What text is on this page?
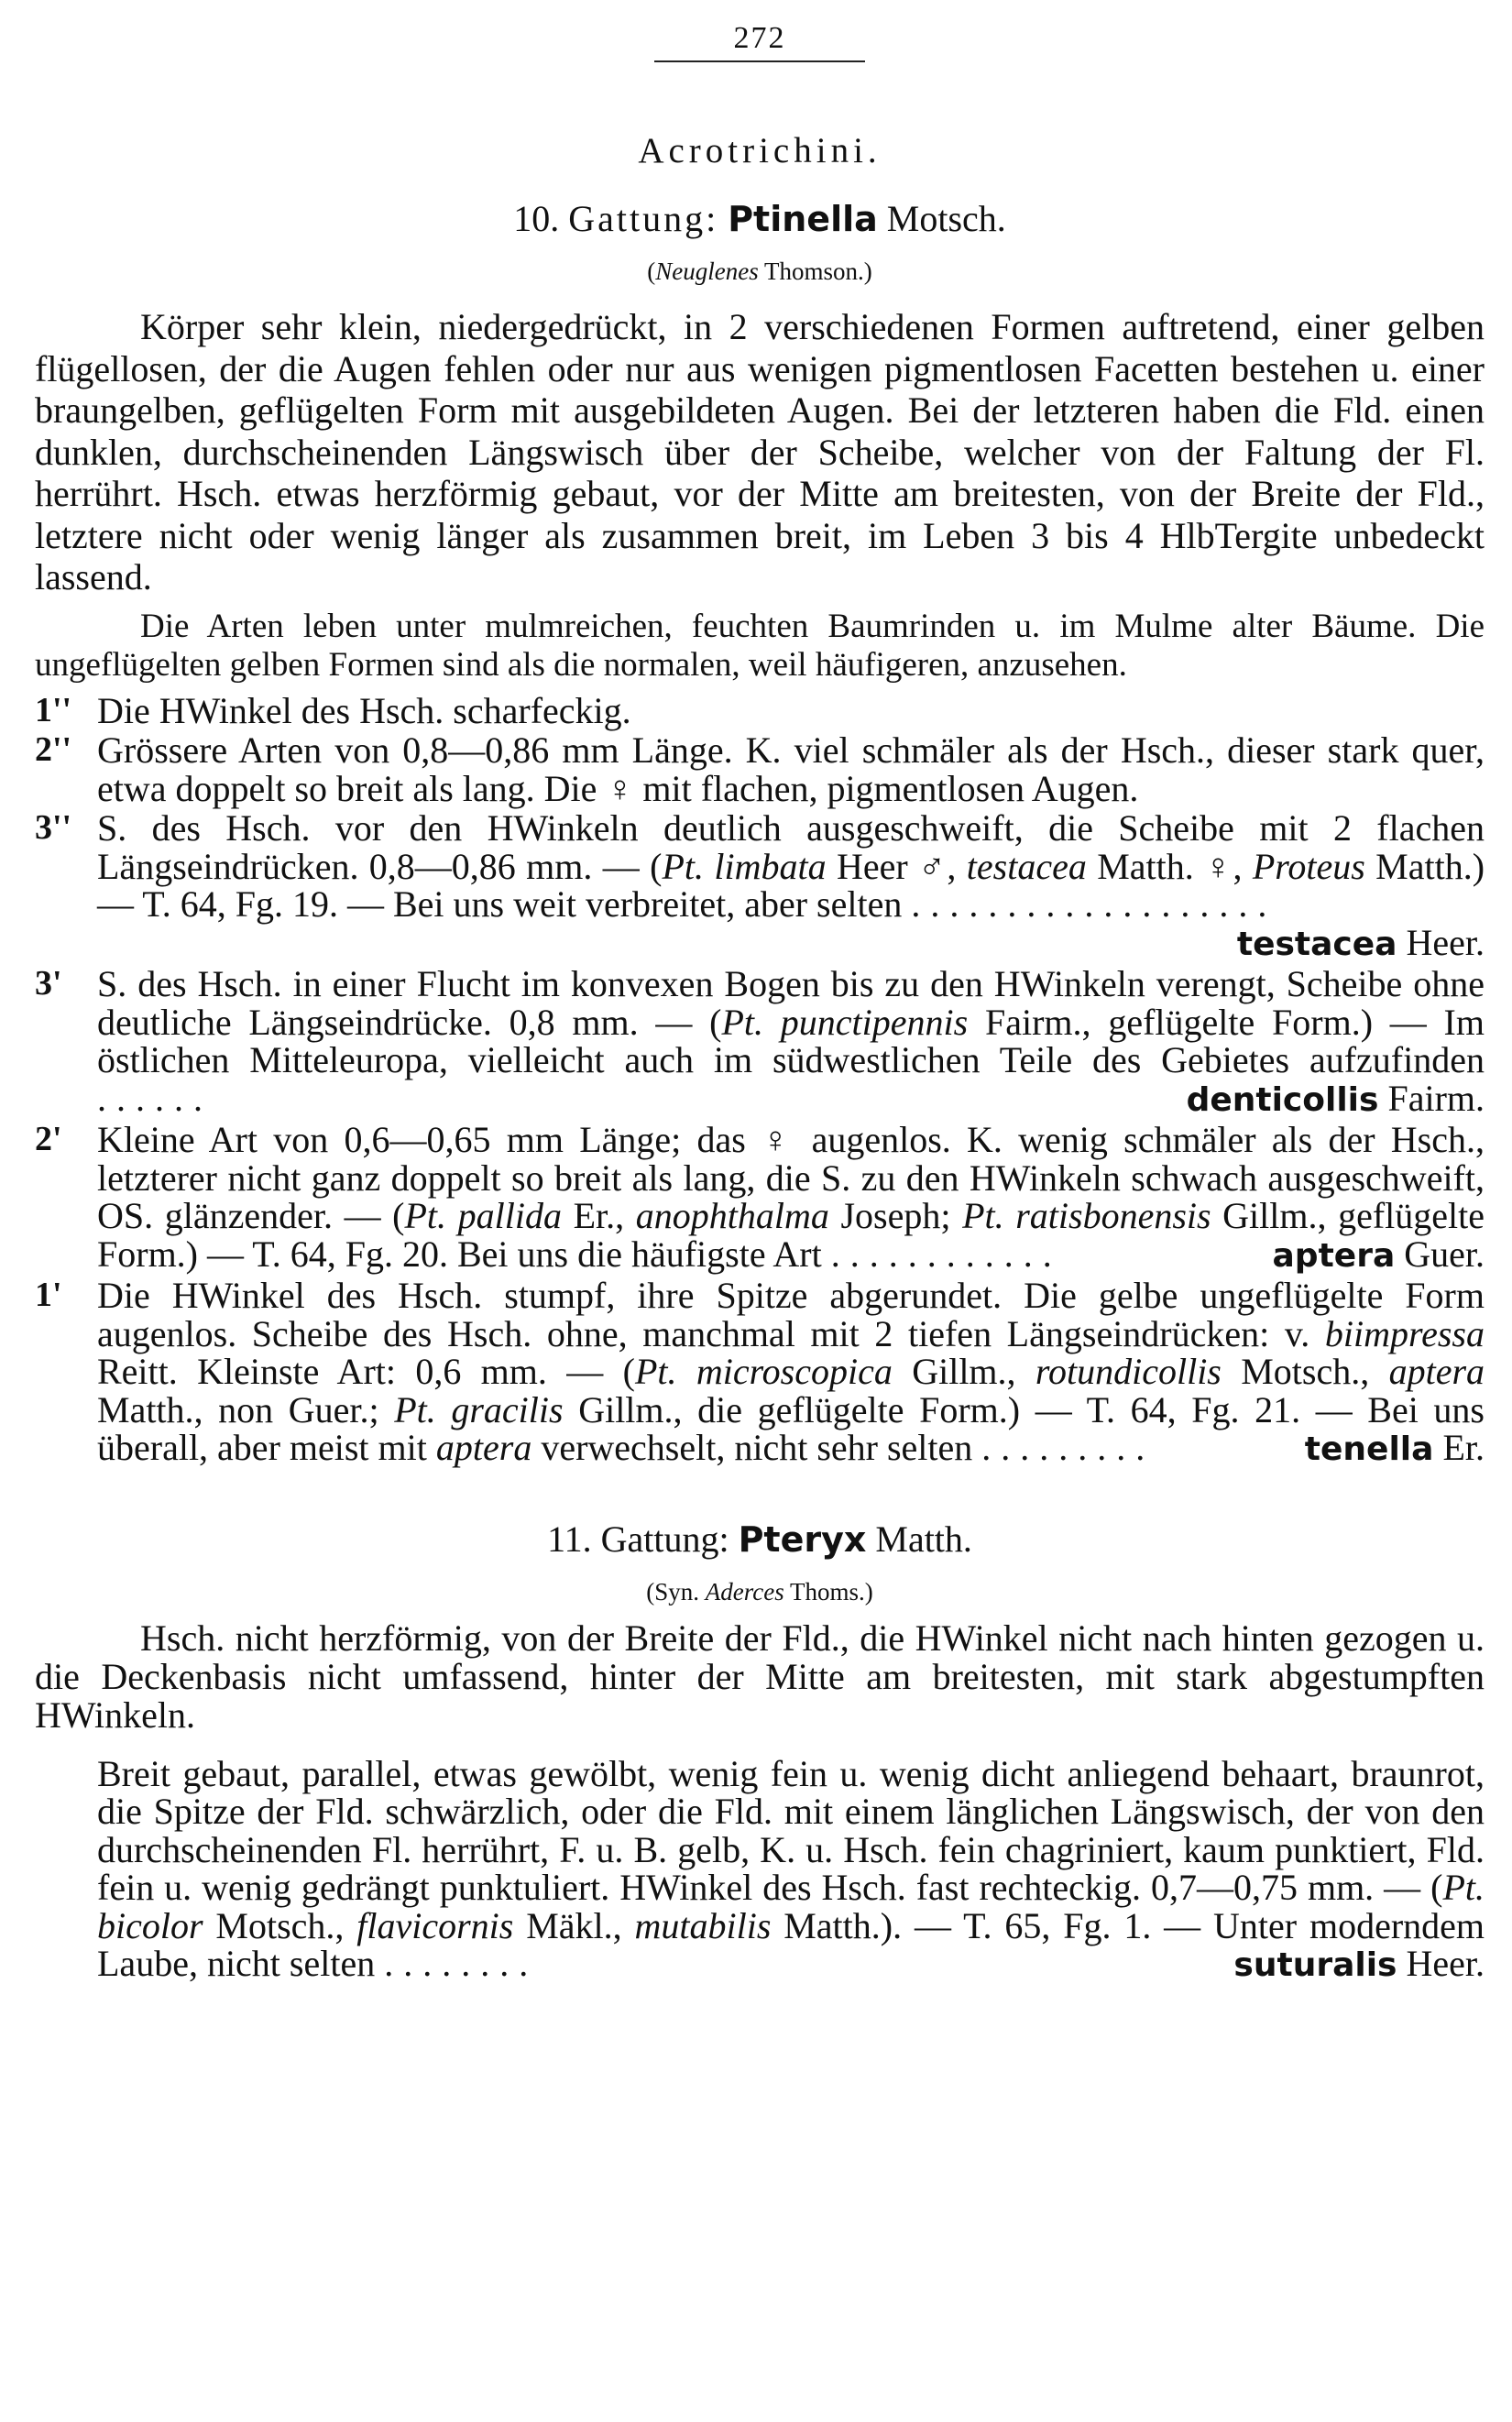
272
Acrotrichini.
10. Gattung: Ptinella Motsch.
(Neuglenes Thomson.)
Körper sehr klein, niedergedrückt, in 2 verschiedenen Formen auftretend, einer gelben flügellosen, der die Augen fehlen oder nur aus wenigen pigmentlosen Facetten bestehen u. einer braungelben, geflügelten Form mit ausgebildeten Augen. Bei der letzteren haben die Fld. einen dunklen, durchscheinenden Längswisch über der Scheibe, welcher von der Faltung der Fl. herrührt. Hsch. etwas herzförmig gebaut, vor der Mitte am breitesten, von der Breite der Fld., letztere nicht oder wenig länger als zusammen breit, im Leben 3 bis 4 HlbTergite unbedeckt lassend.
Die Arten leben unter mulmreichen, feuchten Baumrinden u. im Mulme alter Bäume. Die ungeflügelten gelben Formen sind als die normalen, weil häufigeren, anzusehen.
1'' Die HWinkel des Hsch. scharfeckig.
2'' Grössere Arten von 0,8—0,86 mm Länge. K. viel schmäler als der Hsch., dieser stark quer, etwa doppelt so breit als lang. Die ♀ mit flachen, pigmentlosen Augen.
3'' S. des Hsch. vor den HWinkeln deutlich ausgeschweift, die Scheibe mit 2 flachen Längseindrücken. 0,8—0,86 mm. — (Pt. limbata Heer ♂, testacea Matth. ♀, Proteus Matth.) — T. 64, Fg. 19. — Bei uns weit verbreitet, aber selten ...................
testacea Heer.
3' S. des Hsch. in einer Flucht im konvexen Bogen bis zu den HWinkeln verengt, Scheibe ohne deutliche Längseindrücke. 0,8 mm. — (Pt. punctipennis Fairm., geflügelte Form.) — Im östlichen Mitteleuropa, vielleicht auch im südwestlichen Teile des Gebietes aufzufinden ......	denticollis Fairm.
2' Kleine Art von 0,6—0,65 mm Länge; das ♀ augenlos. K. wenig schmäler als der Hsch., letzterer nicht ganz doppelt so breit als lang, die S. zu den HWinkeln schwach ausgeschweift, OS. glänzender. — (Pt. pallida Er., anophthalma Joseph; Pt. ratisbonensis Gillm., geflügelte Form.) — T. 64, Fg. 20. Bei uns die häufigste Art ............	aptera Guer.
1' Die HWinkel des Hsch. stumpf, ihre Spitze abgerundet. Die gelbe ungeflügelte Form augenlos. Scheibe des Hsch. ohne, manchmal mit 2 tiefen Längseindrücken: v. biimpressa Reitt. Kleinste Art: 0,6 mm. — (Pt. microscopica Gillm., rotundicollis Motsch., aptera Matth., non Guer.; Pt. gracilis Gillm., die geflügelte Form.) — T. 64, Fg. 21. — Bei uns überall, aber meist mit aptera verwechselt, nicht sehr selten .........	tenella Er.
11. Gattung: Pteryx Matth.
(Syn. Aderces Thoms.)
Hsch. nicht herzförmig, von der Breite der Fld., die HWinkel nicht nach hinten gezogen u. die Deckenbasis nicht umfassend, hinter der Mitte am breitesten, mit stark abgestumpften HWinkeln.
Breit gebaut, parallel, etwas gewölbt, wenig fein u. wenig dicht anliegend behaart, braunrot, die Spitze der Fld. schwärzlich, oder die Fld. mit einem länglichen Längswisch, der von den durchscheinenden Fl. herrührt, F. u. B. gelb, K. u. Hsch. fein chagriniert, kaum punktiert, Fld. fein u. wenig gedrängt punktuliert. HWinkel des Hsch. fast rechteckig. 0,7—0,75 mm. — (Pt. bicolor Motsch., flavicornis Mäkl., mutabilis Matth.). — T. 65, Fg. 1. — Unter moderndem Laube, nicht selten ........	suturalis Heer.
